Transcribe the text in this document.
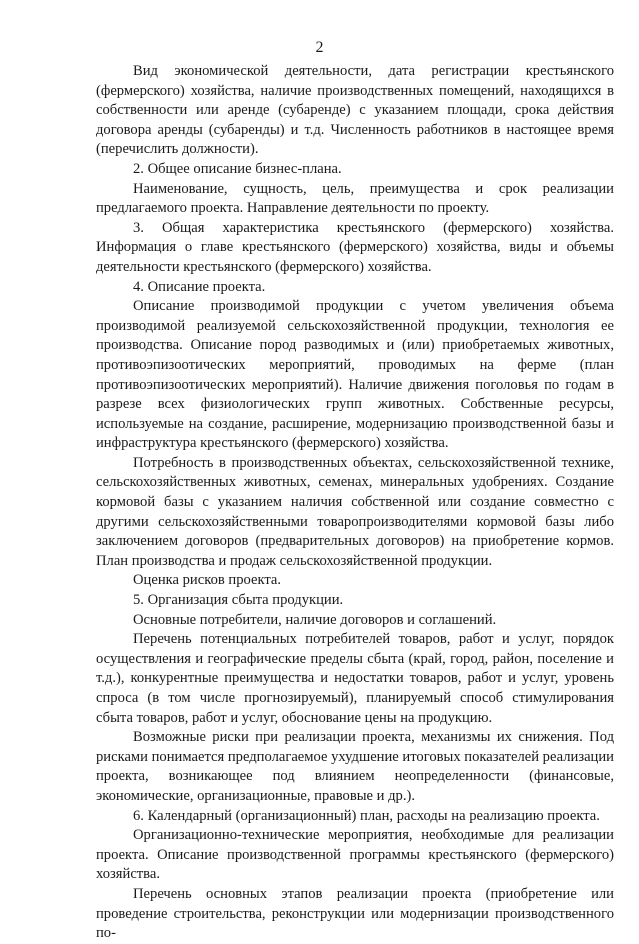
2

Вид экономической деятельности, дата регистрации крестьянского (фермерского) хозяйства, наличие производственных помещений, находящихся в собственности или аренде (субаренде) с указанием площади, срока действия договора аренды (субаренды) и т.д. Численность работников в настоящее время (перечислить должности).

2. Общее описание бизнес-плана.

Наименование, сущность, цель, преимущества и срок реализации предлагаемого проекта. Направление деятельности по проекту.

3. Общая характеристика крестьянского (фермерского) хозяйства. Информация о главе крестьянского (фермерского) хозяйства, виды и объемы деятельности крестьянского (фермерского) хозяйства.

4. Описание проекта.

Описание производимой продукции с учетом увеличения объема производимой реализуемой сельскохозяйственной продукции, технология ее производства. Описание пород разводимых и (или) приобретаемых животных, противоэпизоотических мероприятий, проводимых на ферме (план противоэпизоотических мероприятий). Наличие движения поголовья по годам в разрезе всех физиологических групп животных. Собственные ресурсы, используемые на создание, расширение, модернизацию производственной базы и инфраструктура крестьянского (фермерского) хозяйства.

Потребность в производственных объектах, сельскохозяйственной технике, сельскохозяйственных животных, семенах, минеральных удобрениях. Создание кормовой базы с указанием наличия собственной или создание совместно с другими сельскохозяйственными товаропроизводителями кормовой базы либо заключением договоров (предварительных договоров) на приобретение кормов. План производства и продаж сельскохозяйственной продукции.

Оценка рисков проекта.

5. Организация сбыта продукции.

Основные потребители, наличие договоров и соглашений.

Перечень потенциальных потребителей товаров, работ и услуг, порядок осуществления и географические пределы сбыта (край, город, район, поселение и т.д.), конкурентные преимущества и недостатки товаров, работ и услуг, уровень спроса (в том числе прогнозируемый), планируемый способ стимулирования сбыта товаров, работ и услуг, обоснование цены на продукцию.

Возможные риски при реализации проекта, механизмы их снижения. Под рисками понимается предполагаемое ухудшение итоговых показателей реализации проекта, возникающее под влиянием неопределенности (финансовые, экономические, организационные, правовые и др.).

6. Календарный (организационный) план, расходы на реализацию проекта.

Организационно-технические мероприятия, необходимые для реализации проекта. Описание производственной программы крестьянского (фермерского) хозяйства.

Перечень основных этапов реализации проекта (приобретение или проведение строительства, реконструкции или модернизации производственного по-
